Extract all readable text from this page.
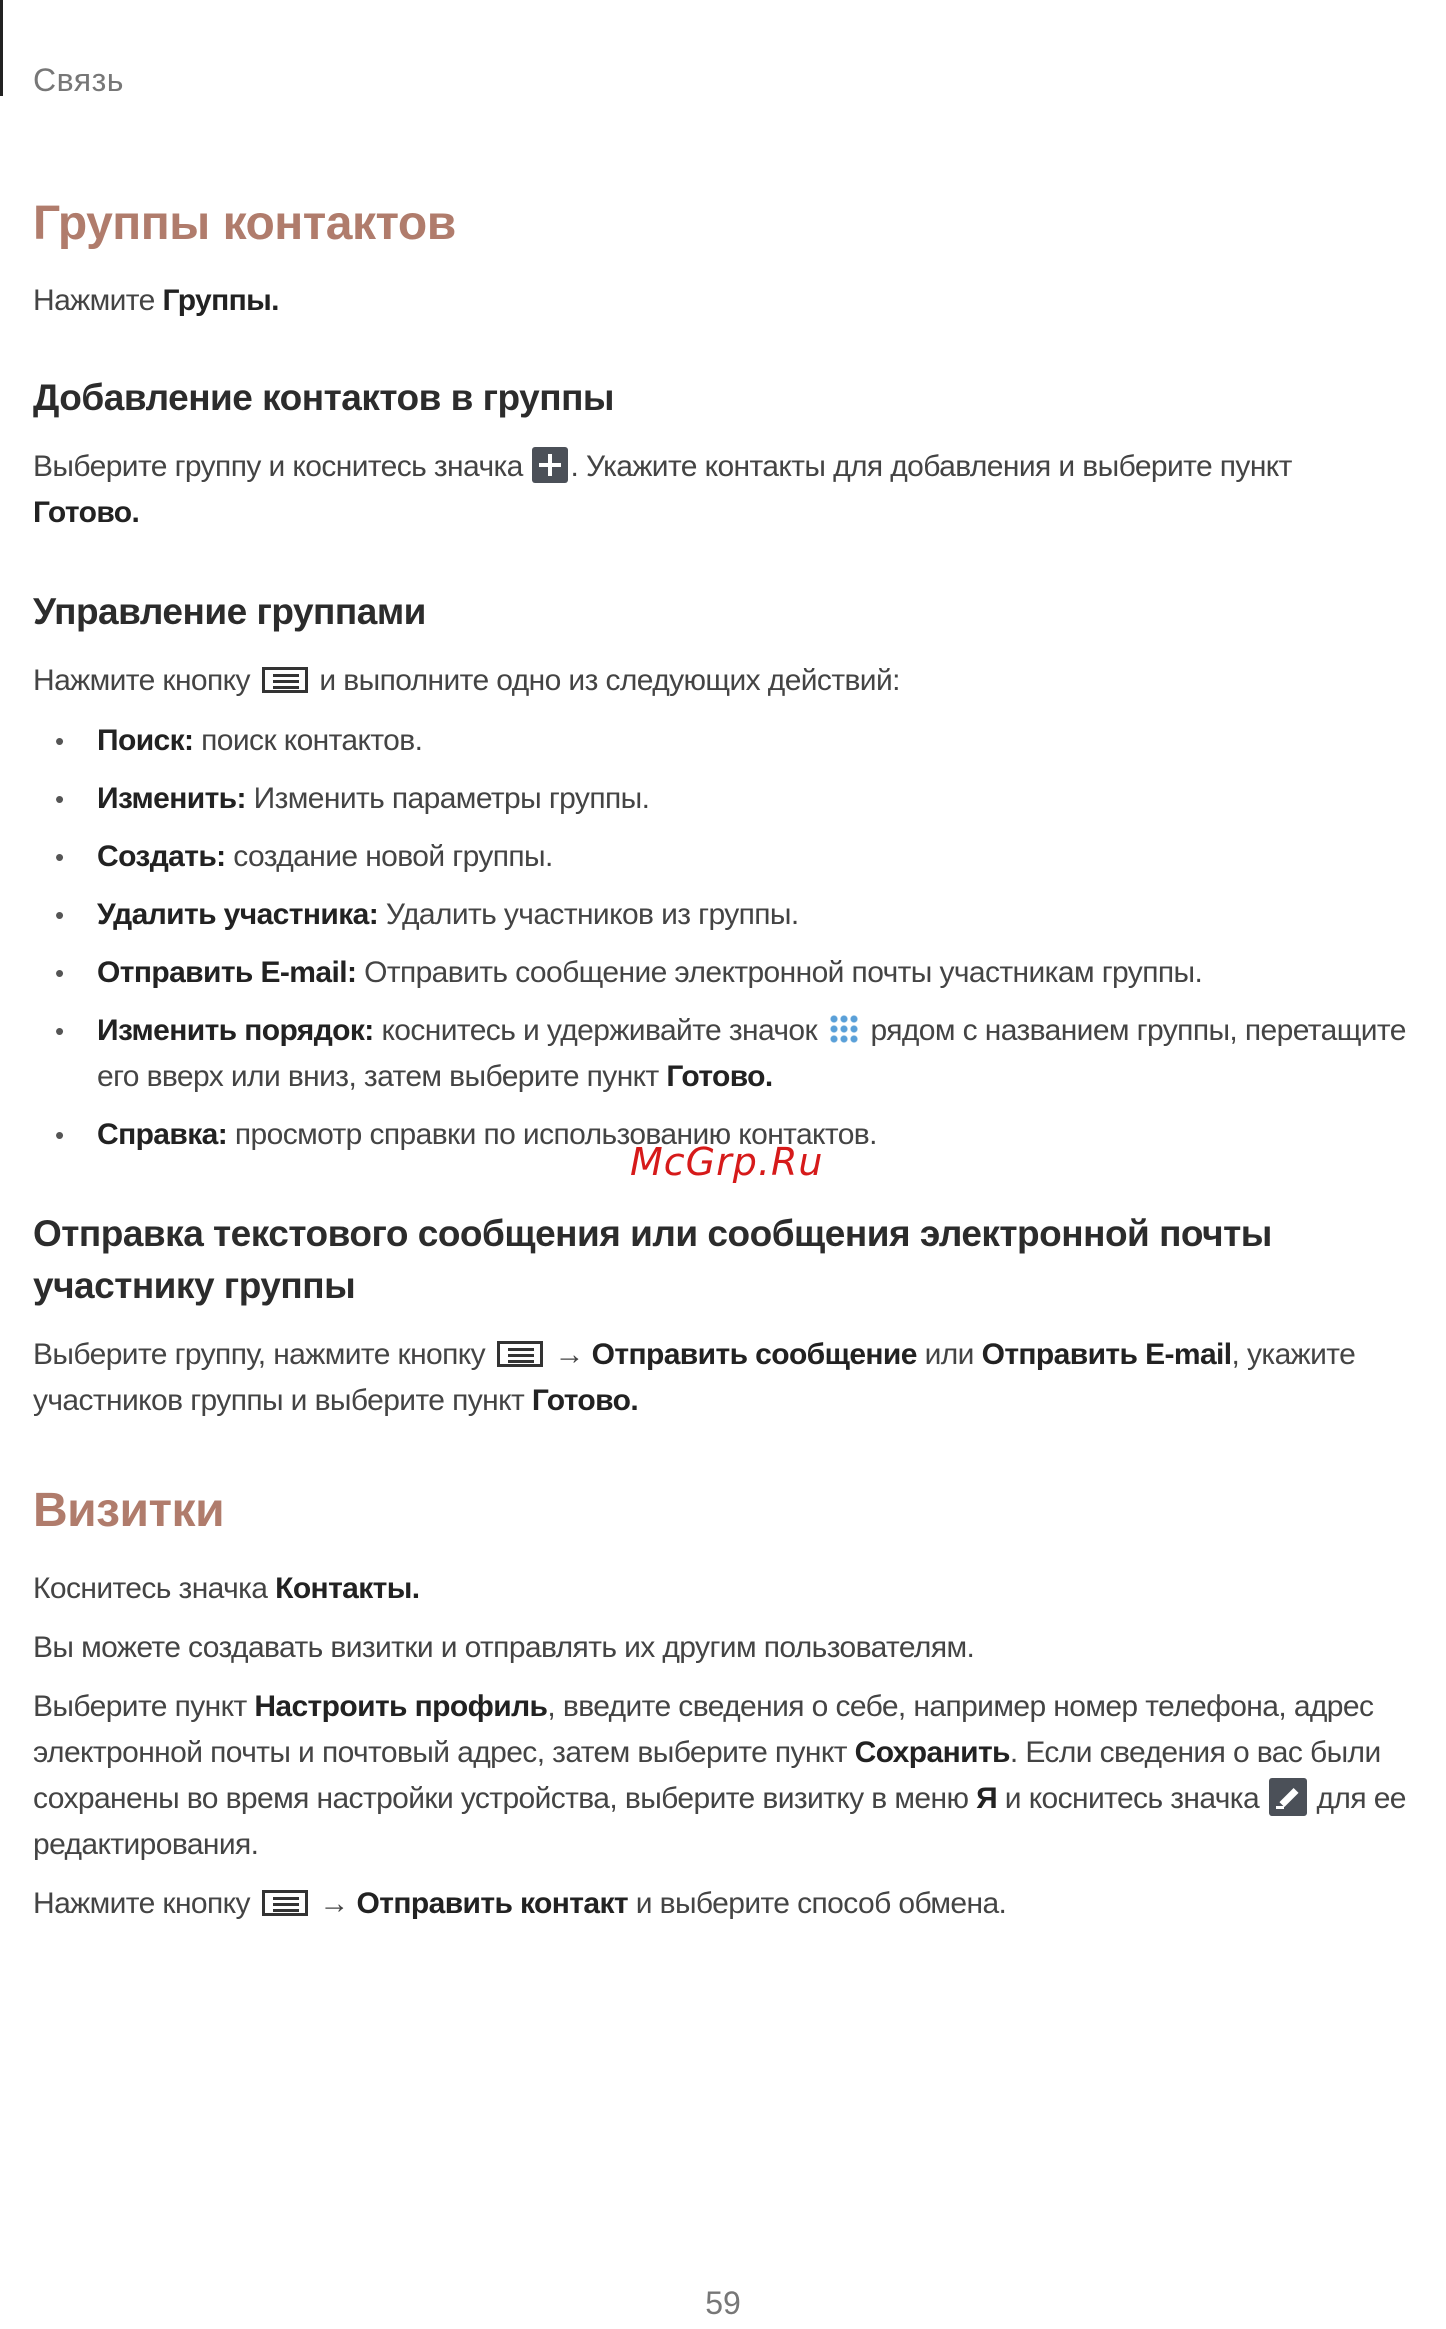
Связь
Группы контактов

Нажмите Группы.

Добавление контактов в группы

Выберите группу и коснитесь значка . Укажите контакты для добавления и выберите пункт
Готово.

Управление группами

Нажмите кнопку
и выполните одно из следующих действий:

• Поиск: поиск контактов.
• Изменить: Изменить параметры группы.
• Создать: создание новой группы.
• Удалить участника: Удалить участников из группы.
• Отправить E-mail: Отправить сообщение электронной почты участникам группы.
• Изменить порядок: коснитесь и удерживайте значок  рядом с названием группы, перетащите его вверх или вниз, затем выберите пункт Готово.
• Справка: просмотр справки по использованию контактов.
McGrp.Ru
Отправка текстового сообщения или сообщения электронной почты участнику группы

Выберите группу, нажмите кнопку
→ Отправить сообщение или Отправить E-mail, укажите участников группы и выберите пункт Готово.

Визитки

Коснитесь значка Контакты.

Вы можете создавать визитки и отправлять их другим пользователям.

Выберите пункт Настроить профиль, введите сведения о себе, например номер телефона, адрес электронной почты и почтовый адрес, затем выберите пункт Сохранить. Если сведения о вас были сохранены во время настройки устройства, выберите визитку в меню Я и коснитесь значка  для ее редактирования.

Нажмите кнопку
→ Отправить контакт и выберите способ обмена.

59
